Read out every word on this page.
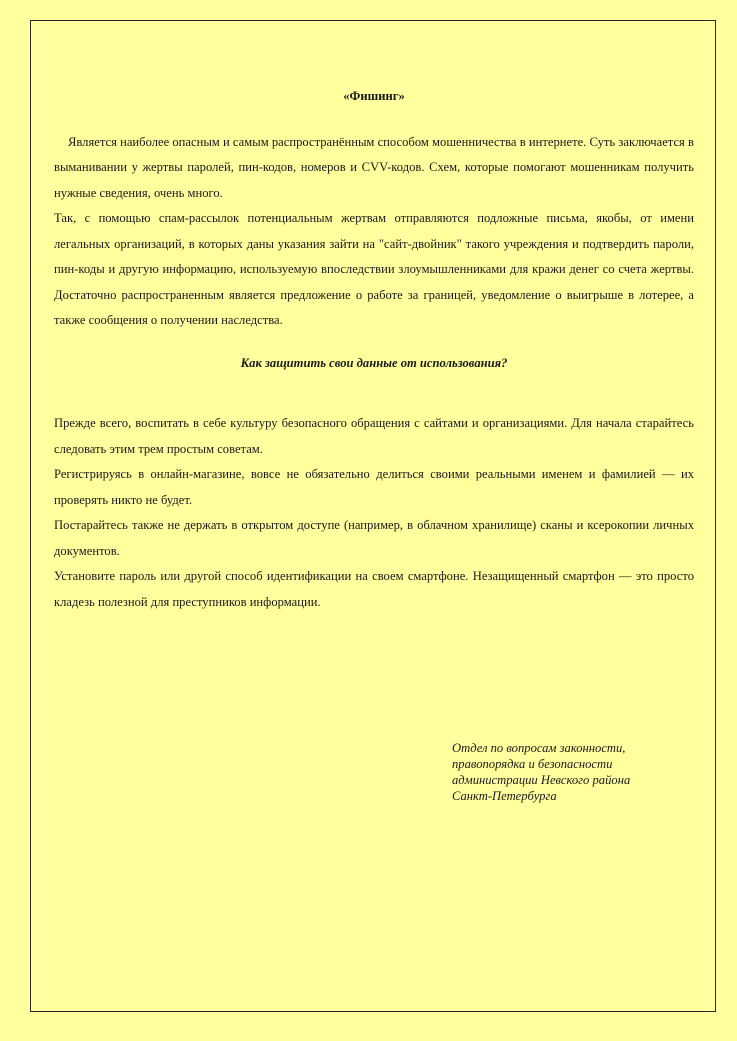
«Фишинг»

Является наиболее опасным и самым распространённым способом мошенничества в интернете. Суть заключается в выманивании у жертвы паролей, пин-кодов, номеров и CVV-кодов. Схем, которые помогают мошенникам получить нужные сведения, очень много.

Так, с помощью спам-рассылок потенциальным жертвам отправляются подложные письма, якобы, от имени легальных организаций, в которых даны указания зайти на "сайт-двойник" такого учреждения и подтвердить пароли, пин-коды и другую информацию, используемую впоследствии злоумышленниками для кражи денег со счета жертвы. Достаточно распространенным является предложение о работе за границей, уведомление о выигрыше в лотерее, а также сообщения о получении наследства.

Как защитить свои данные от использования?

Прежде всего, воспитать в себе культуру безопасного обращения с сайтами и организациями. Для начала старайтесь следовать этим трем простым советам.

Регистрируясь в онлайн-магазине, вовсе не обязательно делиться своими реальными именем и фамилией — их проверять никто не будет.

Постарайтесь также не держать в открытом доступе (например, в облачном хранилище) сканы и ксерокопии личных документов.

Установите пароль или другой способ идентификации на своем смартфоне. Незащищенный смартфон — это просто кладезь полезной для преступников информации.

Отдел по вопросам законности,
правопорядка и безопасности
администрации Невского района
Санкт-Петербурга
